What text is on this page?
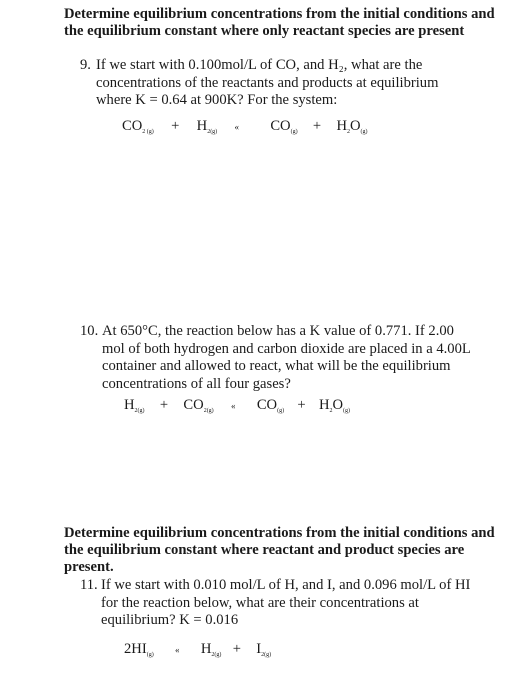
Determine equilibrium concentrations from the initial conditions and the equilibrium constant where only reactant species are present
9. If we start with 0.100mol/L of CO, and H₂, what are the concentrations of the reactants and products at equilibrium where K = 0.64 at 900K? For the system:
$CO_{2 (g)} + H_{2(g)}$ « $CO_{(g)} + H_2O_{(g)}$
10. At 650°C, the reaction below has a K value of 0.771. If 2.00 mol of both hydrogen and carbon dioxide are placed in a 4.00L container and allowed to react, what will be the equilibrium concentrations of all four gases?
$H_{2(g)} + CO_{2(g)}$ « $CO_{(g)} + H_2O_{(g)}$
Determine equilibrium concentrations from the initial conditions and the equilibrium constant where reactant and product species are present.
11. If we start with 0.010 mol/L of H, and I, and 0.096 mol/L of HI for the reaction below, what are their concentrations at equilibrium? K = 0.016
$2HI_{(g)}$ « $H_{2(g)} + I_{2(g)}$
